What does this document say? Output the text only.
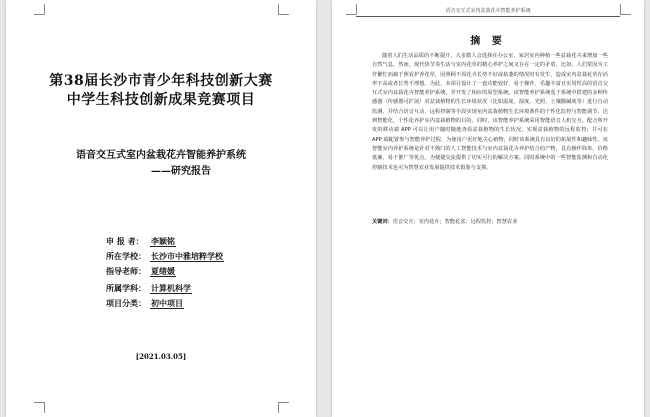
第38届长沙市青少年科技创新大赛
中学生科技创新成果竞赛项目
语音交互式室内盆栽花卉智能养护系统
——研究报告
申 报 者： 李颖铭
所在学校： 长沙市中雅培粹学校
指导老师： 夏绪媛
所属学科： 计算机科学
项目分类： 初中项目
[2021.03.05]
语音交互式室内盆栽花卉智能养护系统
摘 要
随着人们生活品质的不断提升，大多数人会选择在办公室、家居室内种植一些盆栽花卉来增加一些自然气息，然而，现代快节奏生活与室内花草的精心养护之间又存在一定的矛盾。比如，人们常因为工作繁忙而疏于照看护养花草，因照顾不周花卉长势不好或枯萎的情况时有发生，造成室内盆栽花草存活率不高或者长势不理想。为此，本项目设计了一套功能较好、易于操作、乐趣丰富且实用性高的语音交互式室内盆栽花卉智能养护系统，并开发了相应的原型系统。该智能养护系统基于系统中搭建的多种传感器（传感器可扩展）对盆栽植物的生长环境状况（比如温度、湿度、光照、土壤酸碱度等）进行自动监测，并结合语音互动、远程控制等手段实现室内盆栽植物生长环境条件的个性化监控与智能调节，达到智能化、个性化养护室内盆栽植物的目的。同时，该智能养护系统采用智能语音人机交互，配合所开发的移动端 APP 可以让用户随时随地查看盆栽植物的生长状况，实现盆栽植物的远程监控；并可在 APP 端配置参与智能养护过程，为使用户更好地关心植物，同时该系统具有良好的拓展性和趣味性。该智能室内养护系统是针对不熟门的人工智能技术与室内盆栽花卉养护结合的产物，具有操作简单、价格低廉、易于推广等优点，为便捷交流提供了切实可行的解决方案。同时系统中的一些智能监测和自动化控制技术也可为智慧农业发展提供技术借鉴与支撑。
关键词：语音交互；室内花卉；智能花盆；远程监控；智慧农业
